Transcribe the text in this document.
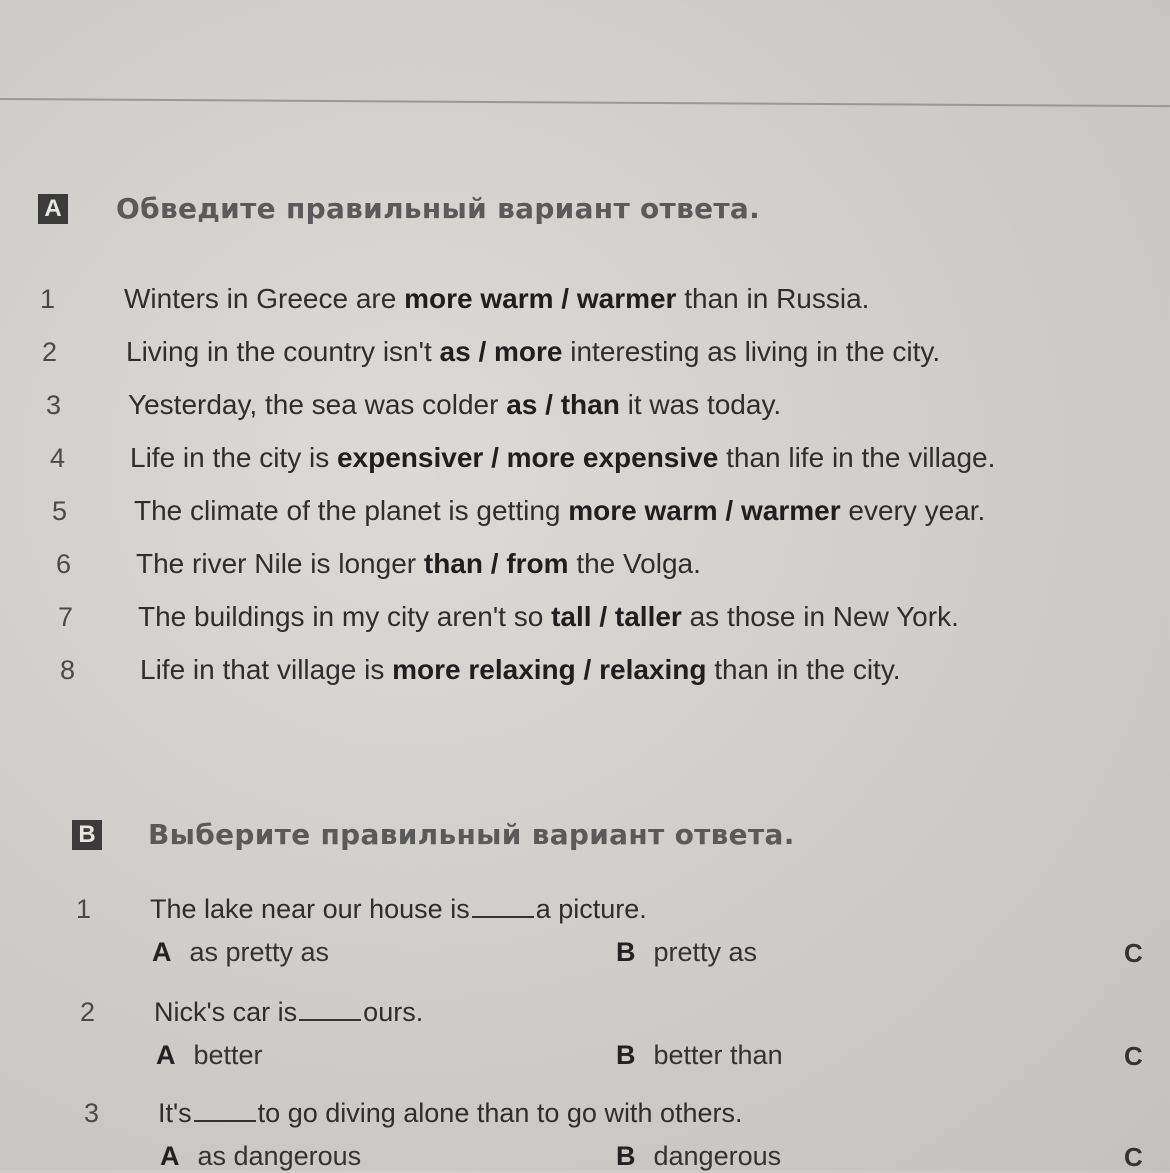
A Обведите правильный вариант ответа.
1 Winters in Greece are more warm / warmer than in Russia.
2 Living in the country isn't as / more interesting as living in the city.
3 Yesterday, the sea was colder as / than it was today.
4 Life in the city is expensiver / more expensive than life in the village.
5 The climate of the planet is getting more warm / warmer every year.
6 The river Nile is longer than / from the Volga.
7 The buildings in my city aren't so tall / taller as those in New York.
8 Life in that village is more relaxing / relaxing than in the city.
B Выберите правильный вариант ответа.
1 The lake near our house is a picture.
A as pretty as	B pretty as	C
2 Nick's car is ours.
A better	B better than	C
3 It's to go diving alone than to go with others.
A as dangerous	B dangerous	C
